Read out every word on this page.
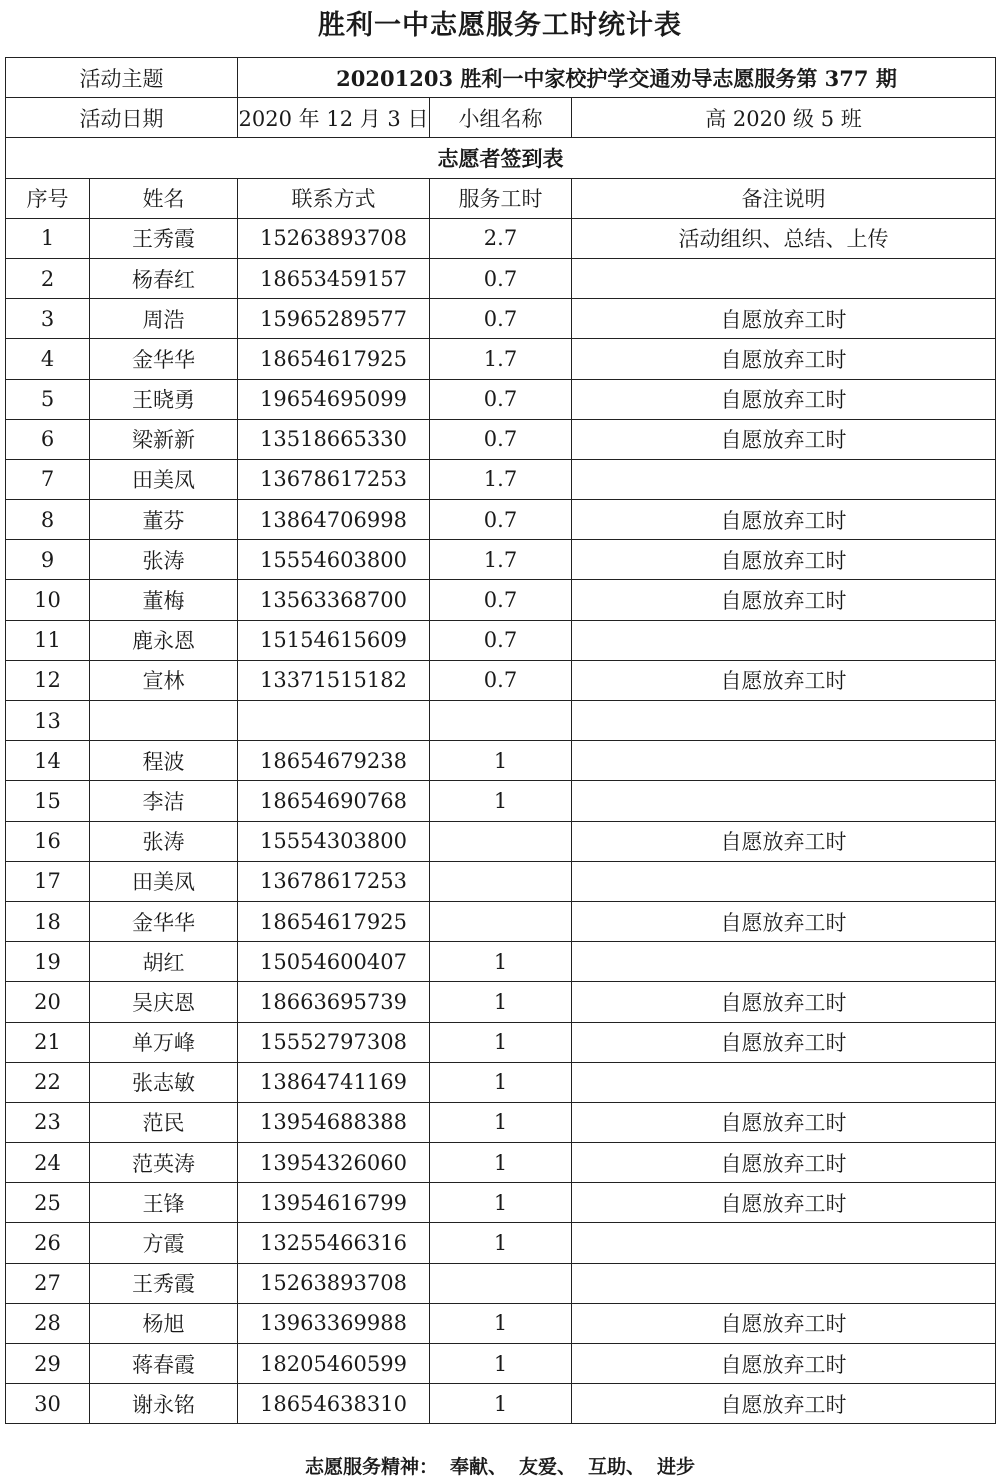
胜利一中志愿服务工时统计表
活动主题		20201203 胜利一中家校护学交通劝导志愿服务第 377 期		
活动日期		2020 年 12 月 3 日	小组名称	高 2020 级 5 班
志愿者签到表				
序号	姓名	联系方式	服务工时	备注说明
1	王秀霞	15263893708	2.7	活动组织、总结、上传
2	杨春红	18653459157	0.7	
3	周浩	15965289577	0.7	自愿放弃工时
4	金华华	18654617925	1.7	自愿放弃工时
5	王晓勇	19654695099	0.7	自愿放弃工时
6	梁新新	13518665330	0.7	自愿放弃工时
7	田美凤	13678617253	1.7	
8	董芬	13864706998	0.7	自愿放弃工时
9	张涛	15554603800	1.7	自愿放弃工时
10	董梅	13563368700	0.7	自愿放弃工时
11	鹿永恩	15154615609	0.7	
12	宣林	13371515182	0.7	自愿放弃工时
13				
14	程波	18654679238	1	
15	李洁	18654690768	1	
16	张涛	15554303800		自愿放弃工时
17	田美凤	13678617253		
18	金华华	18654617925		自愿放弃工时
19	胡红	15054600407	1	
20	吴庆恩	18663695739	1	自愿放弃工时
21	单万峰	15552797308	1	自愿放弃工时
22	张志敏	13864741169	1	
23	范民	13954688388	1	自愿放弃工时
24	范英涛	13954326060	1	自愿放弃工时
25	王锋	13954616799	1	自愿放弃工时
26	方霞	13255466316	1	
27	王秀霞	15263893708		
28	杨旭	13963369988	1	自愿放弃工时
29	蒋春霞	18205460599	1	自愿放弃工时
30	谢永铭	18654638310	1	自愿放弃工时
志愿服务精神： 奉献、 友爱、 互助、 进步
